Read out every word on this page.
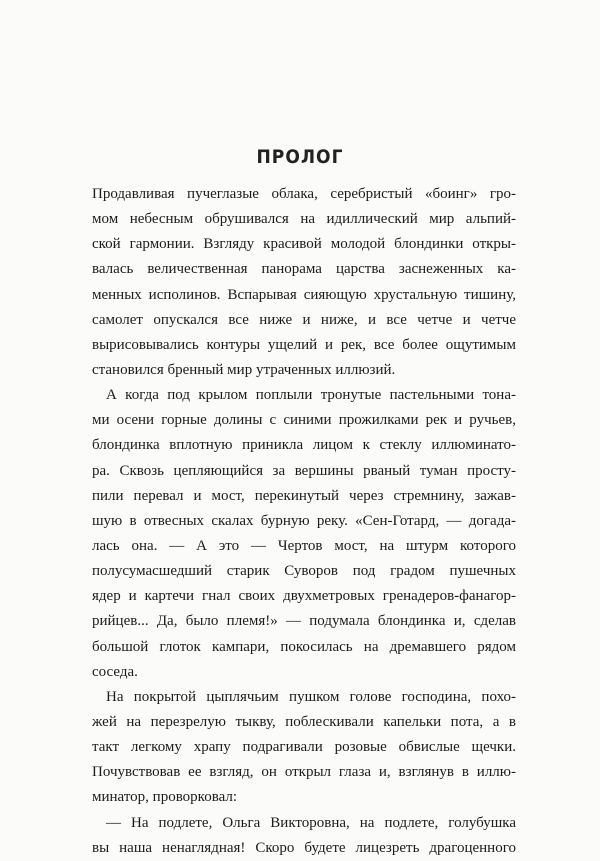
ПРОЛОГ
Продавливая пучеглазые облака, серебристый «боинг» гро-
мом небесным обрушивался на идиллический мир альпий-
ской гармонии. Взгляду красивой молодой блондинки откры-
валась величественная панорама царства заснеженных ка-
менных исполинов. Вспарывая сияющую хрустальную тишину,
самолет опускался все ниже и ниже, и все четче и четче
вырисовывались контуры ущелий и рек, все более ощутимым
становился бренный мир утраченных иллюзий.
А когда под крылом поплыли тронутые пастельными тона-
ми осени горные долины с синими прожилками рек и ручьев,
блондинка вплотную приникла лицом к стеклу иллюминато-
ра. Сквозь цепляющийся за вершины рваный туман просту-
пили перевал и мост, перекинутый через стремнину, зажав-
шую в отвесных скалах бурную реку. «Сен-Готард, — догада-
лась она. — А это — Чертов мост, на штурм которого
полусумасшедший старик Суворов под градом пушечных
ядер и картечи гнал своих двухметровых гренадеров-фанагор-
рийцев... Да, было племя!» — подумала блондинка и, сделав
большой глоток кампари, покосилась на дремавшего рядом
соседа.
На покрытой цыплячьим пушком голове господина, похо-
жей на перезрелую тыкву, поблескивали капельки пота, а в
такт легкому храпу подрагивали розовые обвислые щечки.
Почувствовав ее взгляд, он открыл глаза и, взглянув в иллю-
минатор, проворковал:
— На подлете, Ольга Викторовна, на подлете, голубушка
вы наша ненаглядная! Скоро будете лицезреть драгоценного
